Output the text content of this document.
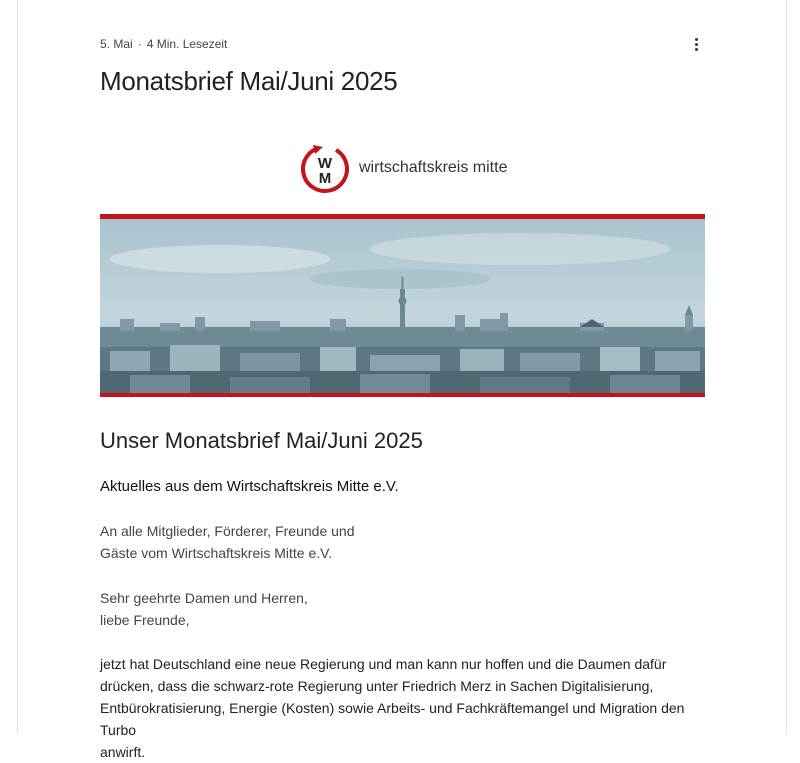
5. Mai · 4 Min. Lesezeit
Monatsbrief Mai/Juni 2025
W
M
wirtschaftskreis mitte
Unser Monatsbrief Mai/Juni 2025
Aktuelles aus dem Wirtschaftskreis Mitte e.V.

An alle Mitglieder, Förderer, Freunde und
Gäste vom Wirtschaftskreis Mitte e.V.

Sehr geehrte Damen und Herren,
liebe Freunde,

jetzt hat Deutschland eine neue Regierung und man kann nur hoffen und die Daumen dafür
drücken, dass die schwarz-rote Regierung unter Friedrich Merz in Sachen Digitalisierung,
Entbürokratisierung, Energie (Kosten) sowie Arbeits- und Fachkräftemangel und Migration den Turbo
anwirft.
